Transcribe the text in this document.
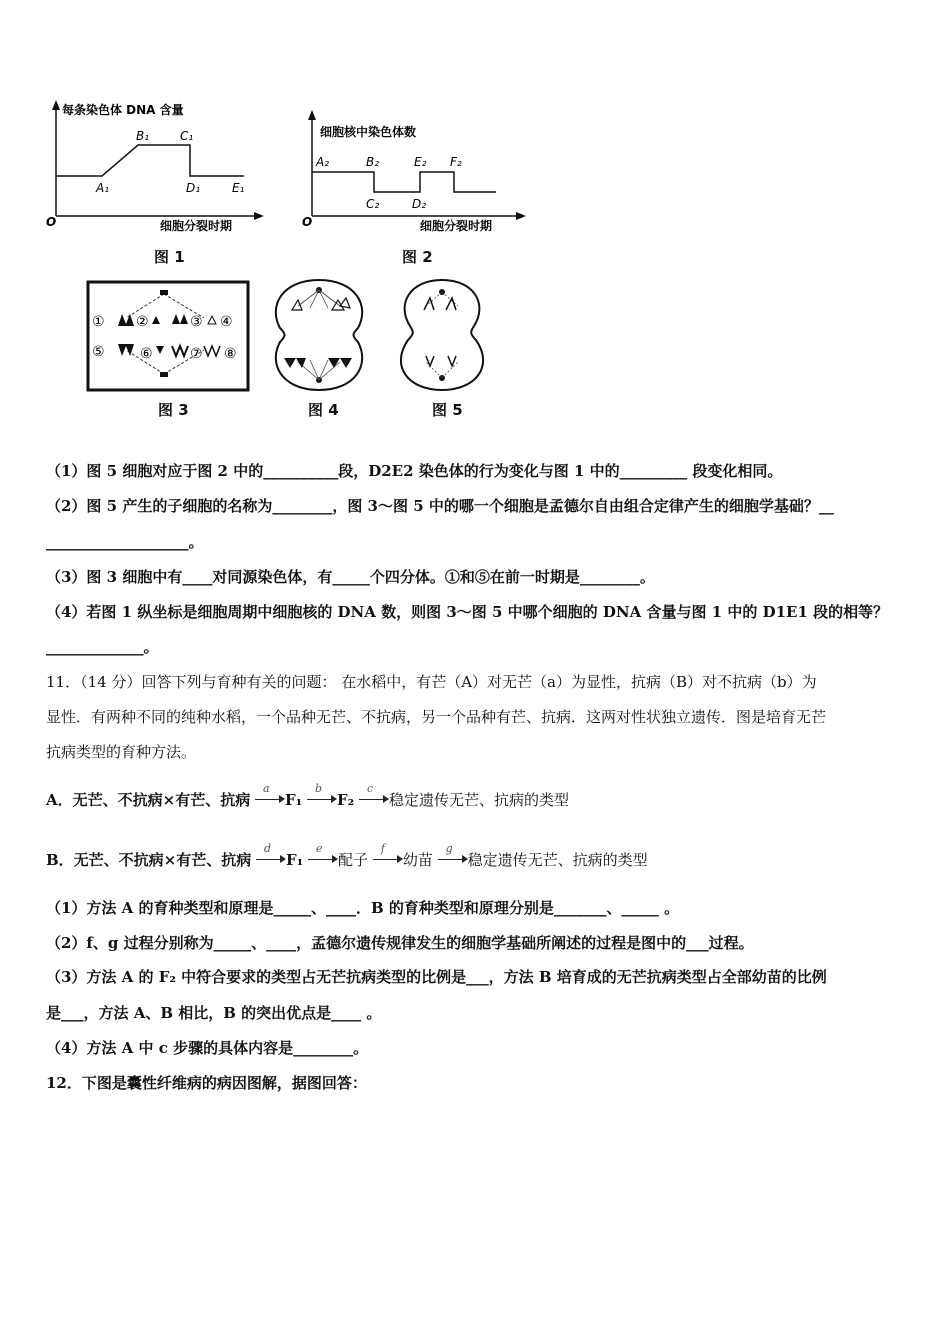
每条染色体 DNA 含量
O	细胞分裂时期
A₁
B₁	C₁
D₁	E₁
图 1
细胞核中染色体数
O	细胞分裂时期
A₂	B₂
C₂	D₂
E₂ F₂
图 2
① ②	③ ④
⑤	⑥	⑦ ⑧
图 3	图 4	图 5
（1）图 5 细胞对应于图 2 中的__________段，D2E2 染色体的行为变化与图 1 中的_________ 段变化相同。
（2）图 5 产生的子细胞的名称为________，图 3～图 5 中的哪一个细胞是孟德尔自由组合定律产生的细胞学基础？__
___________________。
（3）图 3 细胞中有____对同源染色体，有_____个四分体。①和⑤在前一时期是________。
（4）若图 1 纵坐标是细胞周期中细胞核的 DNA 数，则图 3～图 5 中哪个细胞的 DNA 含量与图 1 中的 D1E1 段的相等？
_____________。
11．（14 分）回答下列与育种有关的问题： 在水稻中，有芒（A）对无芒（a）为显性，抗病（B）对不抗病（b）为
显性．有两种不同的纯种水稻，一个品种无芒、不抗病，另一个品种有芒、抗病．这两对性状独立遗传．图是培育无芒
抗病类型的育种方法。
A．无芒、不抗病×有芒、抗病
a
F₁
b
F₂
c
稳定遗传无芒、抗病的类型
B．无芒、不抗病×有芒、抗病
d
F₁
e
配子
f
幼苗
g
稳定遗传无芒、抗病的类型
（1）方法 A 的育种类型和原理是_____、____．B 的育种类型和原理分别是_______、_____ 。
（2）f、g 过程分别称为_____、____，孟德尔遗传规律发生的细胞学基础所阐述的过程是图中的___过程。
（3）方法 A 的 F₂ 中符合要求的类型占无芒抗病类型的比例是___，方法 B 培育成的无芒抗病类型占全部幼苗的比例
是___，方法 A、B 相比，B 的突出优点是____ 。
（4）方法 A 中 c 步骤的具体内容是________。
12．下图是囊性纤维病的病因图解，据图回答：
